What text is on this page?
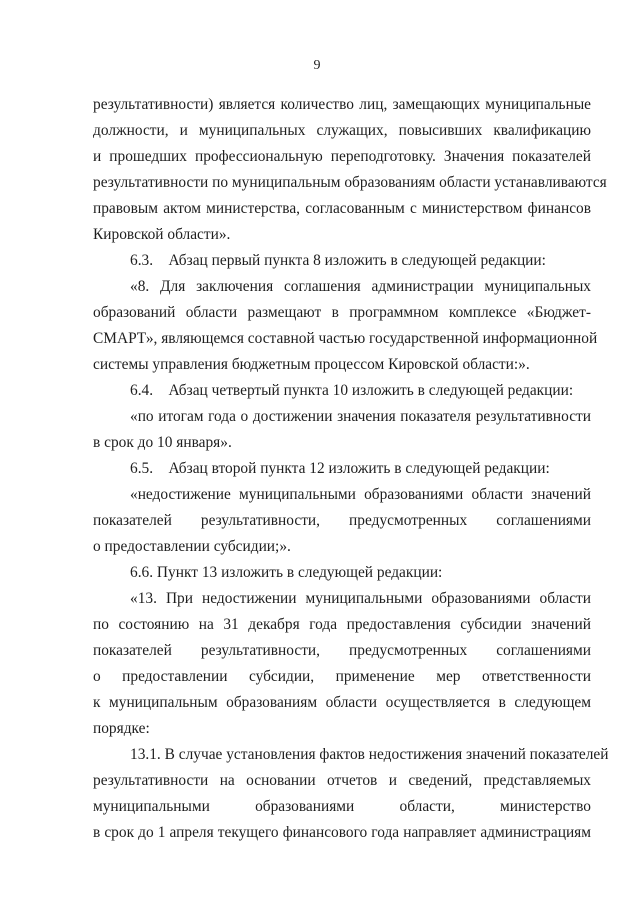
9
результативности) является количество лиц, замещающих муниципальные
должности, и муниципальных служащих, повысивших квалификацию
и прошедших профессиональную переподготовку. Значения показателей
результативности по муниципальным образованиям области устанавливаются
правовым актом министерства, согласованным с министерством финансов
Кировской области».
6.3.    Абзац первый пункта 8 изложить в следующей редакции:
«8. Для заключения соглашения администрации муниципальных
образований области размещают в программном комплексе «Бюджет-
СМАРТ», являющемся составной частью государственной информационной
системы управления бюджетным процессом Кировской области:».
6.4.    Абзац четвертый пункта 10 изложить в следующей редакции:
«по итогам года о достижении значения показателя результативности
в срок до 10 января».
6.5.    Абзац второй пункта 12 изложить в следующей редакции:
«недостижение муниципальными образованиями области значений
показателей результативности, предусмотренных соглашениями
о предоставлении субсидии;».
6.6. Пункт 13 изложить в следующей редакции:
«13. При недостижении муниципальными образованиями области
по состоянию на 31 декабря года предоставления субсидии значений
показателей результативности, предусмотренных соглашениями
о предоставлении субсидии, применение мер ответственности
к муниципальным образованиям области осуществляется в следующем
порядке:
13.1. В случае установления фактов недостижения значений показателей
результативности на основании отчетов и сведений, представляемых
муниципальными образованиями области, министерство
в срок до 1 апреля текущего финансового года направляет администрациям
